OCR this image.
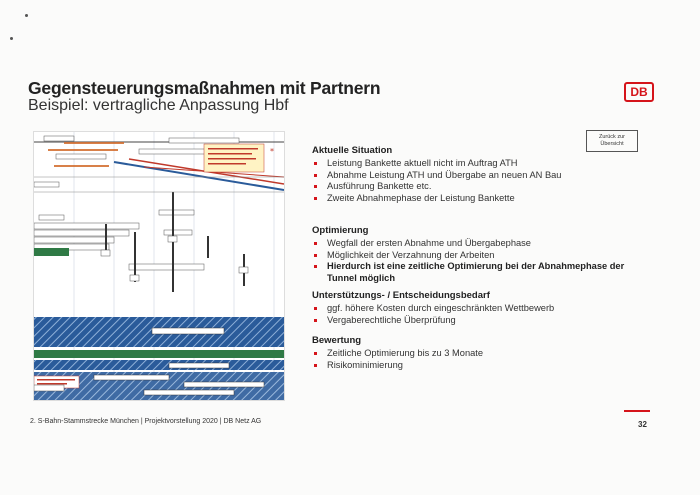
Gegensteuerungsmaßnahmen mit Partnern
Beispiel: vertragliche Anpassung Hbf
DB
Zurück zur Übersicht
*	Aktuelle Situation
Leistung Bankette aktuell nicht im Auftrag ATH
Abnahme Leistung ATH und Übergabe an neuen AN Bau
Ausführung Bankette etc.
Zweite Abnahmephase der Leistung Bankette
Optimierung
Wegfall der ersten Abnahme und Übergabephase
Möglichkeit der Verzahnung der Arbeiten
Hierdurch ist eine zeitliche Optimierung bei der Abnahmephase der Tunnel möglich
Unterstützungs- / Entscheidungsbedarf
ggf. höhere Kosten durch eingeschränkten Wettbewerb
Vergaberechtliche Überprüfung
Bewertung
Zeitliche Optimierung bis zu 3 Monate
Risikominimierung
2. S-Bahn-Stammstrecke München | Projektvorstellung 2020 | DB Netz AG	32
